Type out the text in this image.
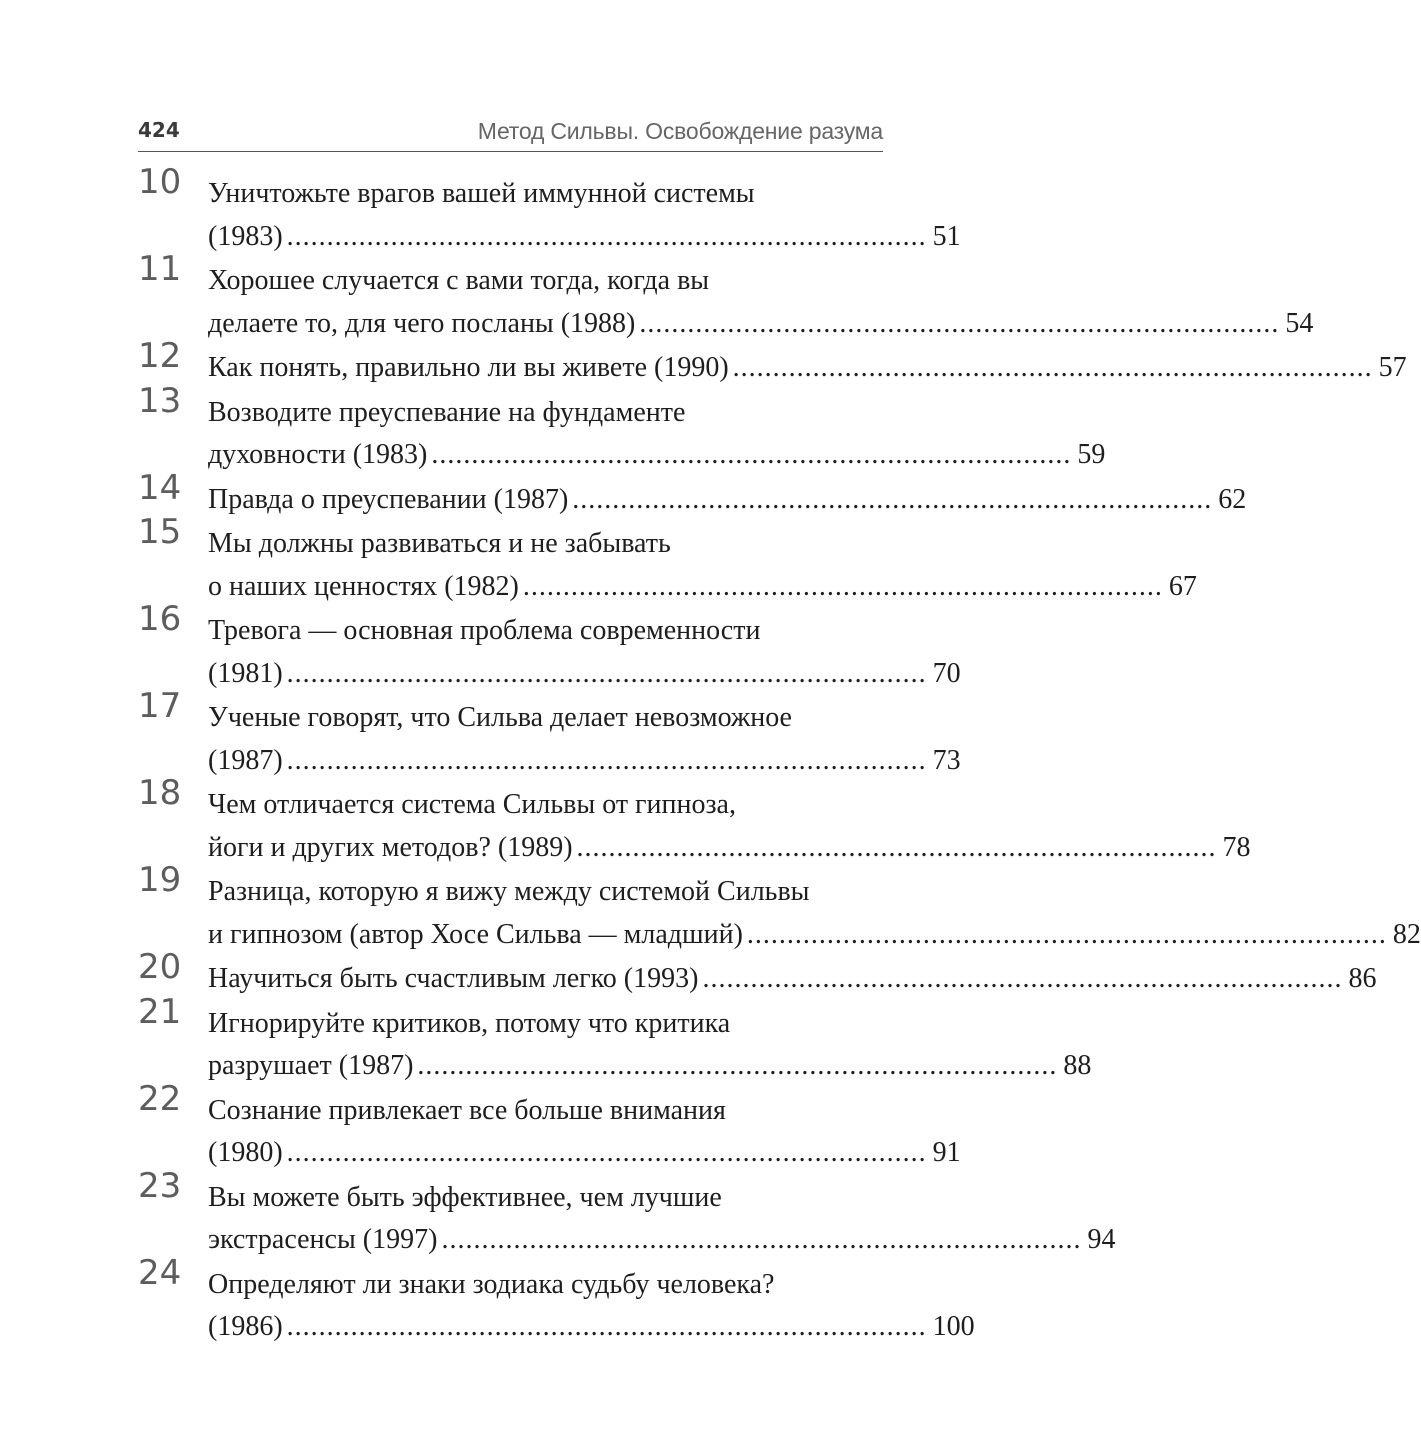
424	Метод Сильвы. Освобождение разума
10 Уничтожьте врагов вашей иммунной системы
(1983) ................................................................................ 51
11 Хорошее случается с вами тогда, когда вы
делаете то, для чего посланы (1988) ................................................................................ 54
12 Как понять, правильно ли вы живете (1990) ................................................................................ 57
13 Возводите преуспевание на фундаменте
духовности (1983) ................................................................................ 59
14 Правда о преуспевании (1987) ................................................................................ 62
15 Мы должны развиваться и не забывать
о наших ценностях (1982) ................................................................................ 67
16 Тревога — основная проблема современности
(1981) ................................................................................ 70
17 Ученые говорят, что Сильва делает невозможное
(1987) ................................................................................ 73
18 Чем отличается система Сильвы от гипноза,
йоги и других методов? (1989) ................................................................................ 78
19 Разница, которую я вижу между системой Сильвы
и гипнозом (автор Хосе Сильва — младший) ................................................................................ 82
20 Научиться быть счастливым легко (1993) ................................................................................ 86
21 Игнорируйте критиков, потому что критика
разрушает (1987) ................................................................................ 88
22 Сознание привлекает все больше внимания
(1980) ................................................................................ 91
23 Вы можете быть эффективнее, чем лучшие
экстрасенсы (1997) ................................................................................ 94
24 Определяют ли знаки зодиака судьбу человека?
(1986) ................................................................................ 100
